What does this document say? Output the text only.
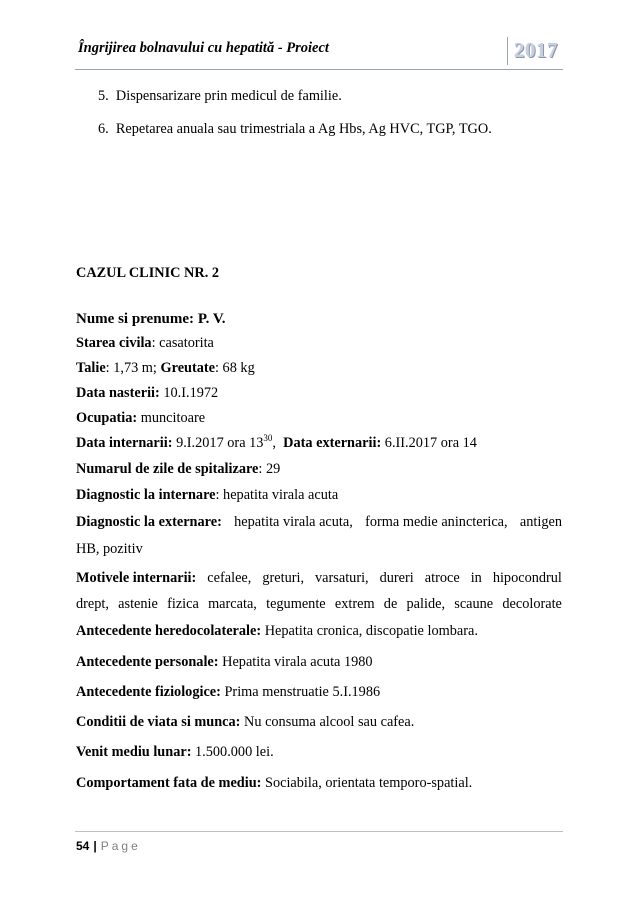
Îngrijirea bolnavului cu hepatită - Proiect	2017
5. Dispensarizare prin medicul de familie.
6. Repetarea anuala sau trimestriala a Ag Hbs, Ag HVC, TGP, TGO.
CAZUL CLINIC NR. 2
Nume si prenume: P. V.
Starea civila: casatorita
Talie: 1,73 m; Greutate: 68 kg
Data nasterii: 10.I.1972
Ocupatia: muncitoare
Data internarii: 9.I.2017 ora $13^{30}$, Data externarii: 6.II.2017 ora 14
Numarul de zile de spitalizare: 29
Diagnostic la internare: hepatita virala acuta
Diagnostic la externare: hepatita virala acuta, forma medie anincterica, antigen
HB, pozitiv
Motivele internarii: cefalee, greturi, varsaturi, dureri atroce in hipocondrul
drept, astenie fizica marcata, tegumente extrem de palide, scaune decolorate
Antecedente heredocolaterale: Hepatita cronica, discopatie lombara.
Antecedente personale: Hepatita virala acuta 1980
Antecedente fiziologice: Prima menstruatie 5.I.1986
Conditii de viata si munca: Nu consuma alcool sau cafea.
Venit mediu lunar: 1.500.000 lei.
Comportament fata de mediu: Sociabila, orientata temporo-spatial.
54 | Page
